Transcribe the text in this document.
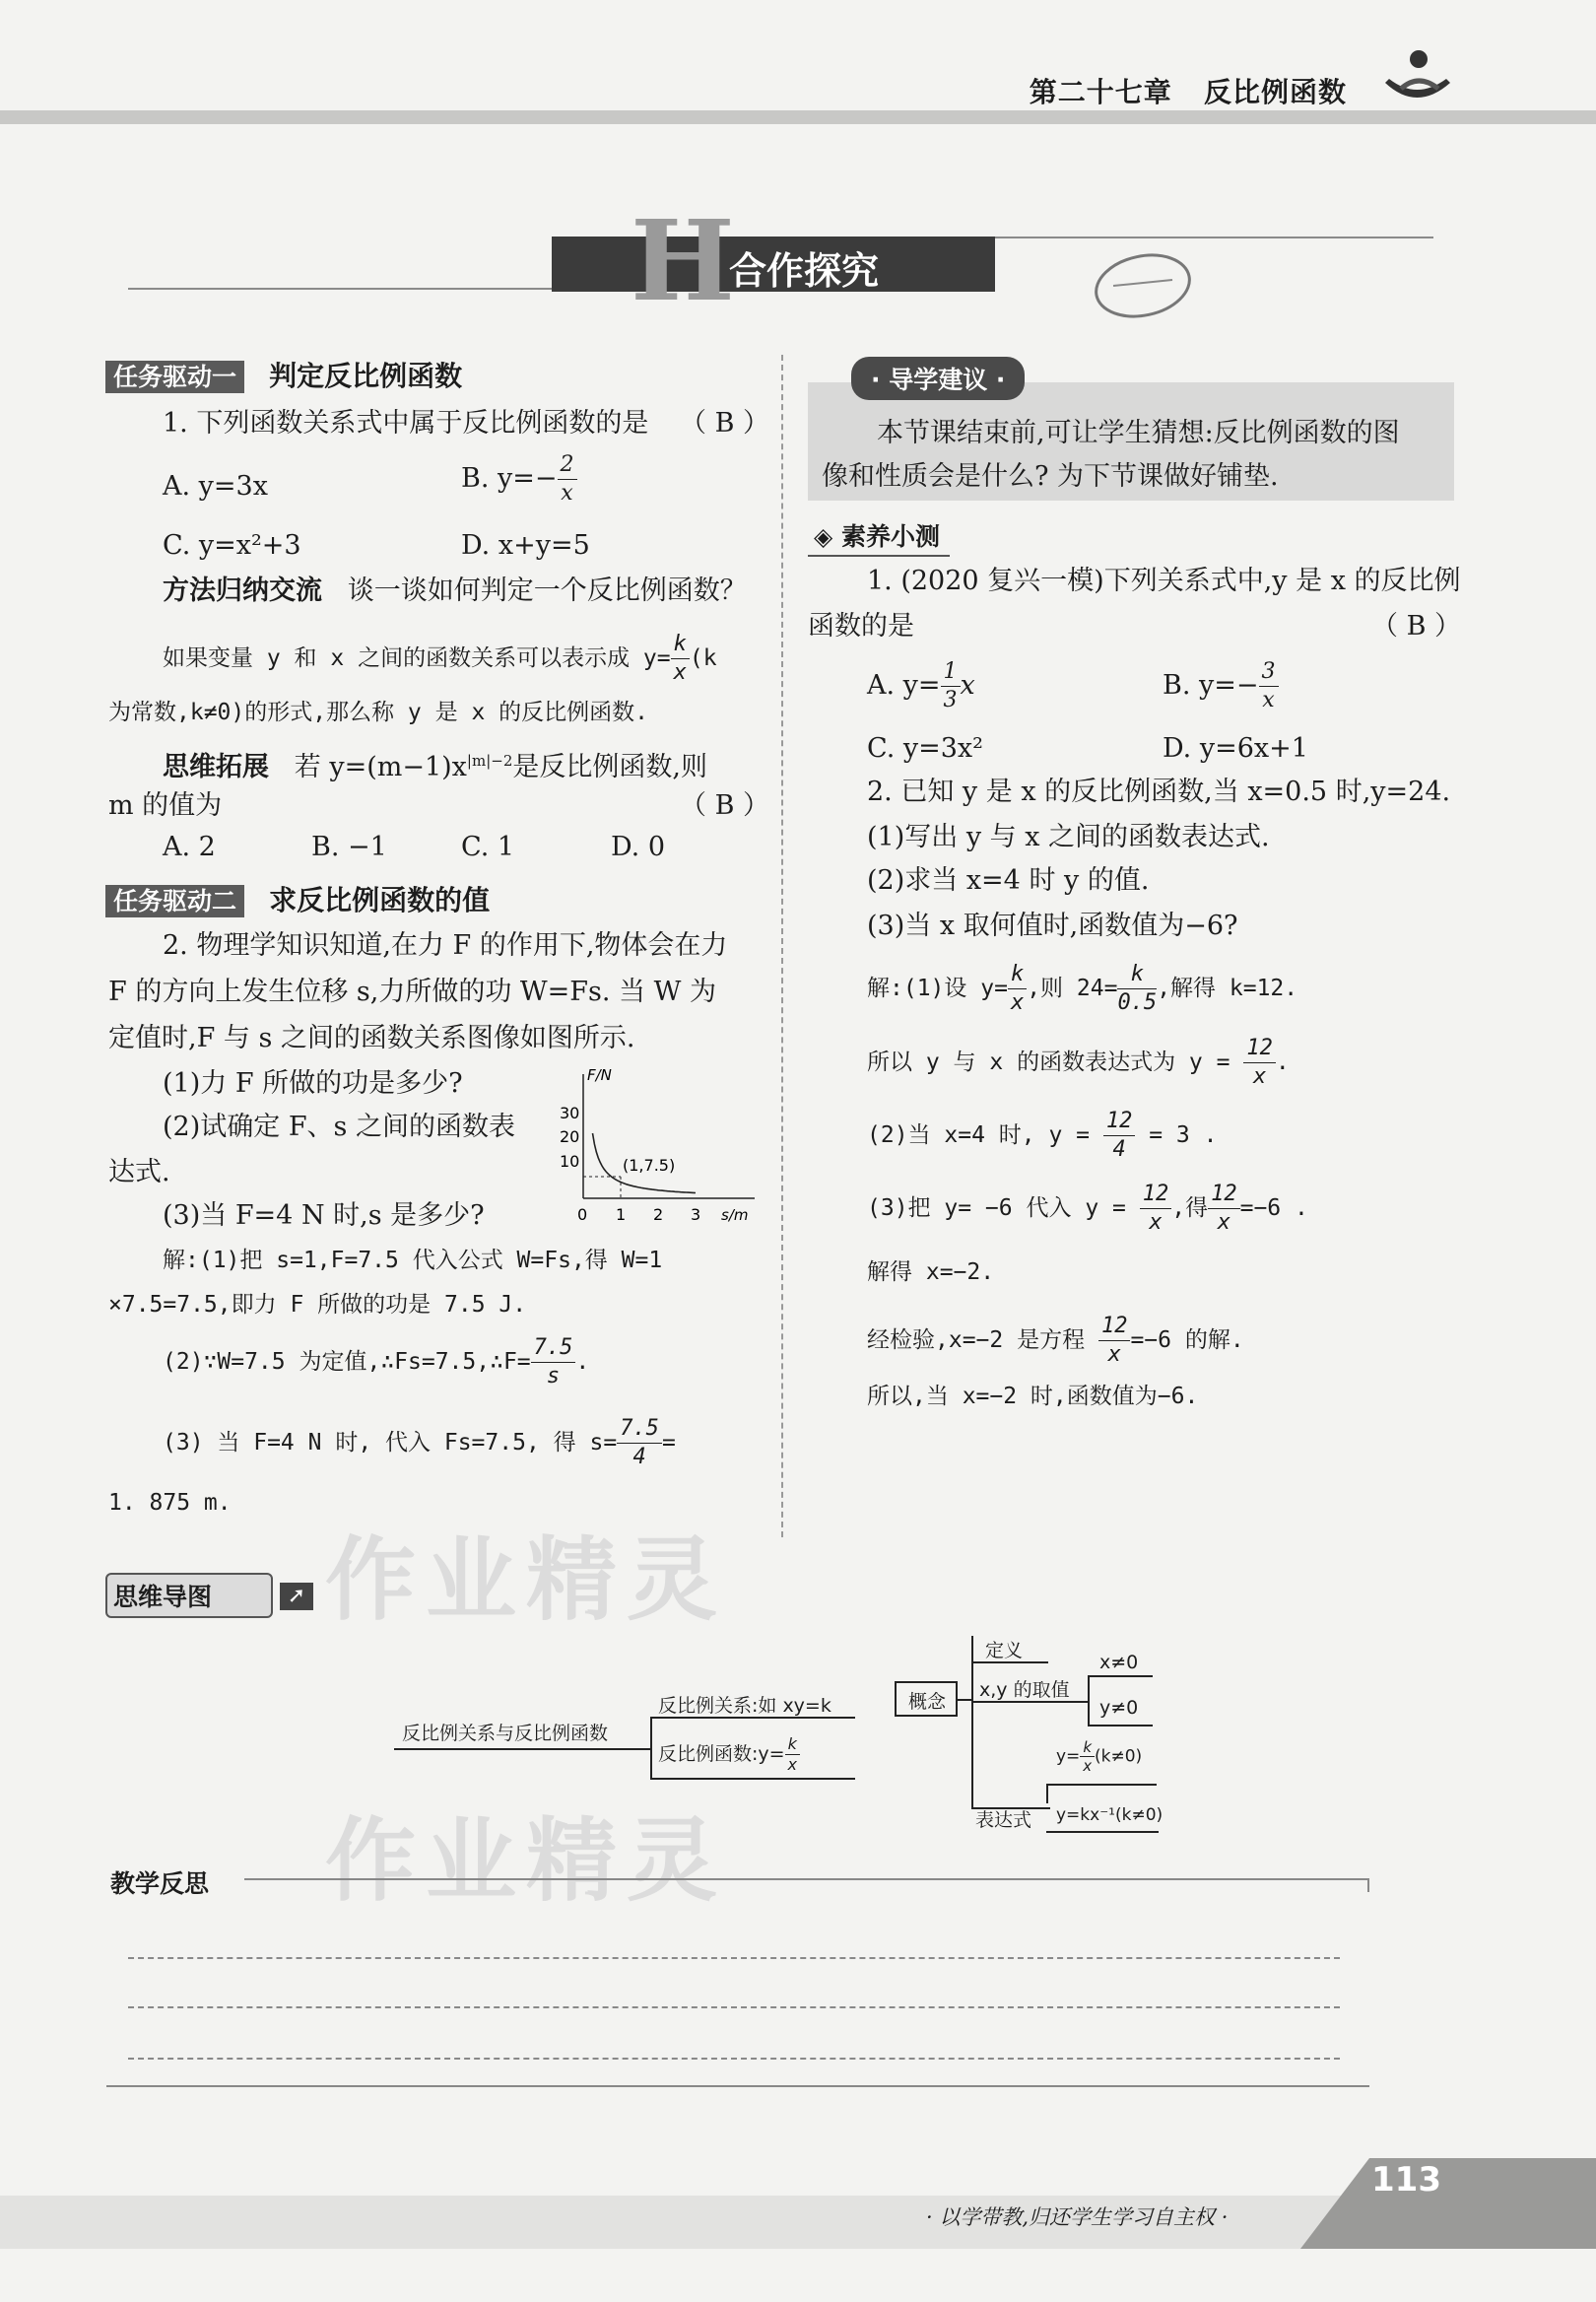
第二十七章 反比例函数
H
合作探究
任务驱动一 判定反比例函数
1. 下列函数关系式中属于反比例函数的是 （ B ）
A. y=3x	B. $y=- \frac{2}{x}$
C. y=x²+3	D. x+y=5
方法归纳交流 谈一谈如何判定一个反比例函数？
如果变量 y 和 x 之间的函数关系可以表示成 $y= \frac{k}{x} (k$
为常数,k≠0)的形式,那么称 y 是 x 的反比例函数.
思维拓展 若 $y=(m-1)x^{|m|-2}$是反比例函数,则
m 的值为	（ B ）
A. 2	B. −1	C. 1	D. 0
任务驱动二 求反比例函数的值
2. 物理学知识知道,在力 F 的作用下,物体会在力
F 的方向上发生位移 s,力所做的功 W=Fs. 当 W 为
定值时,F 与 s 之间的函数关系图像如图所示.
(1)力 F 所做的功是多少?
(2)试确定 F、s 之间的函数表
达式.
(3)当 F=4 N 时,s 是多少?
F/N
s/m
30
20
10
0 1 2 3
(1,7.5)
解:(1)把 s=1,F=7.5 代入公式 W=Fs,得 W=1
×7.5=7.5,即力 F 所做的功是 7.5 J.
(2)∵W=7.5 为定值,∴Fs=7.5,∴F= $\frac{7.5}{s}$ .
(3) 当 F=4 N 时, 代入 Fs=7.5, 得 $s= \frac{7.5}{4}$ =
1. 875 m.
· 导学建议 ·
本节课结束前,可让学生猜想:反比例函数的图
像和性质会是什么? 为下节课做好铺垫.
◈ 素养小测
1. (2020 复兴一模)下列关系式中,y 是 x 的反比例
函数的是	（ B ）
A. $y= \frac{1}{3}$ x	B. $y=- \frac{3}{x}$
C. y=3x²	D. y=6x+1
2. 已知 y 是 x 的反比例函数,当 x=0.5 时,y=24.
(1)写出 y 与 x 之间的函数表达式.
(2)求当 x=4 时 y 的值.
(3)当 x 取何值时,函数值为−6?
解:(1)设 $y= \frac{k}{x}$ ,则 $24= \frac{k}{0.5}$ ,解得 k=12.
所以 y 与 x 的函数表达式为 $y = \frac{12}{x}$ .
(2)当 x=4 时, $y = \frac{12}{4} = 3$ .
(3)把 y= −6 代入 $y = \frac{12}{x}$ ,得 $\frac{12}{x} =-6$ .
解得 x=−2.
经检验,x=−2 是方程 $\frac{12}{x} =-6$ 的解.
所以,当 x=−2 时,函数值为−6.
思维导图	➚ 作业精灵
作业精灵
反比例关系与反比例函数
反比例关系:如 xy=k
反比例函数:y= $\frac{k}{x}$
概念
定义
x,y 的取值
x≠0
y≠0
$y= \frac{k}{x} (k\ne 0)$
表达式 y=kx⁻¹(k≠0)
教学反思
· 以学带教,归还学生学习自主权 ·
113
